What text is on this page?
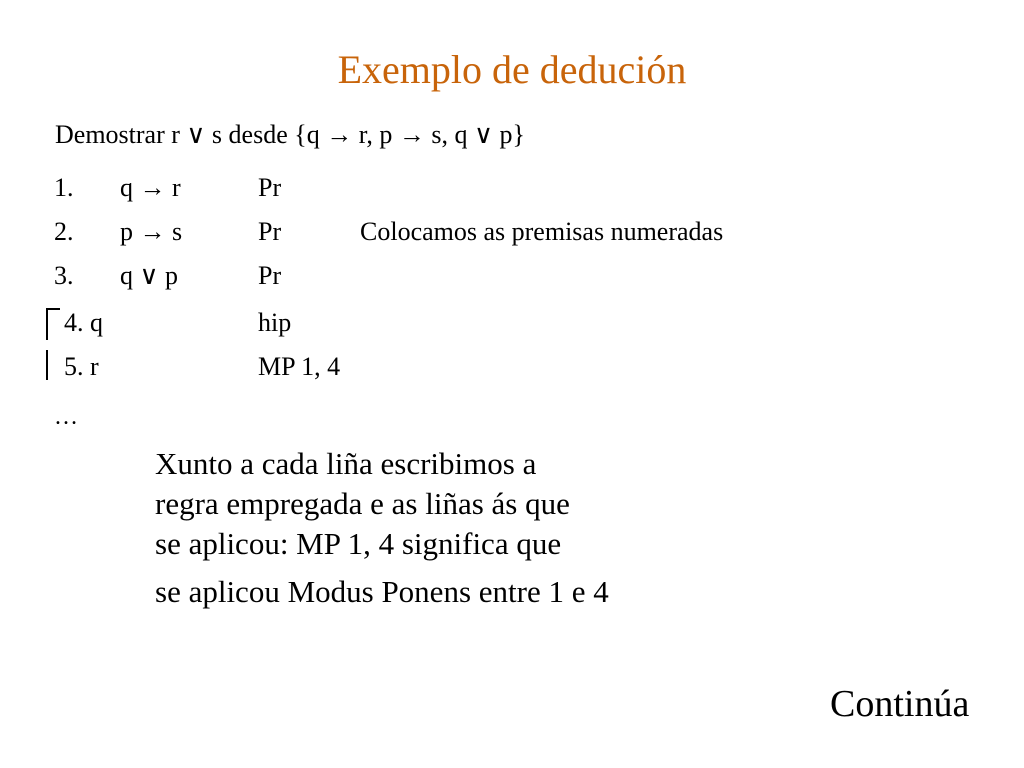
Exemplo de dedución
Demostrar r ∨ s desde {q → r, p → s, q ∨ p}
1. q → r	Pr
2. p → s	Pr	Colocamos as premisas numeradas
3. q ∨ p	Pr
4. q	hip
5. r	MP 1, 4
…
Xunto a cada liña escribimos a
regra empregada e as liñas ás que
se aplicou: MP 1, 4 significa que
se aplicou Modus Ponens entre 1 e 4
Continúa
